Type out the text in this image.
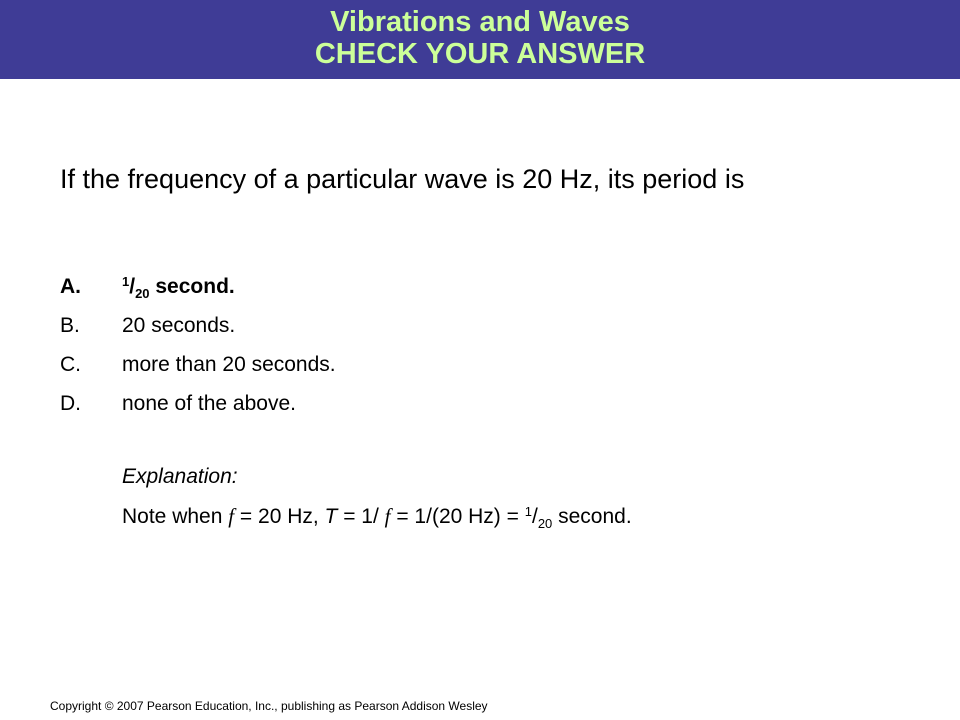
Vibrations and Waves
CHECK YOUR ANSWER
If the frequency of a particular wave is 20 Hz, its period is
A.	$^1/_{20}$ second.
B. 20 seconds.
C. more than 20 seconds.
D. none of the above.
Explanation:
Note when f = 20 Hz, T = 1/ f = 1/(20 $Hz) = ^1/_{20}$ second.
Copyright © 2007 Pearson Education, Inc., publishing as Pearson Addison Wesley
